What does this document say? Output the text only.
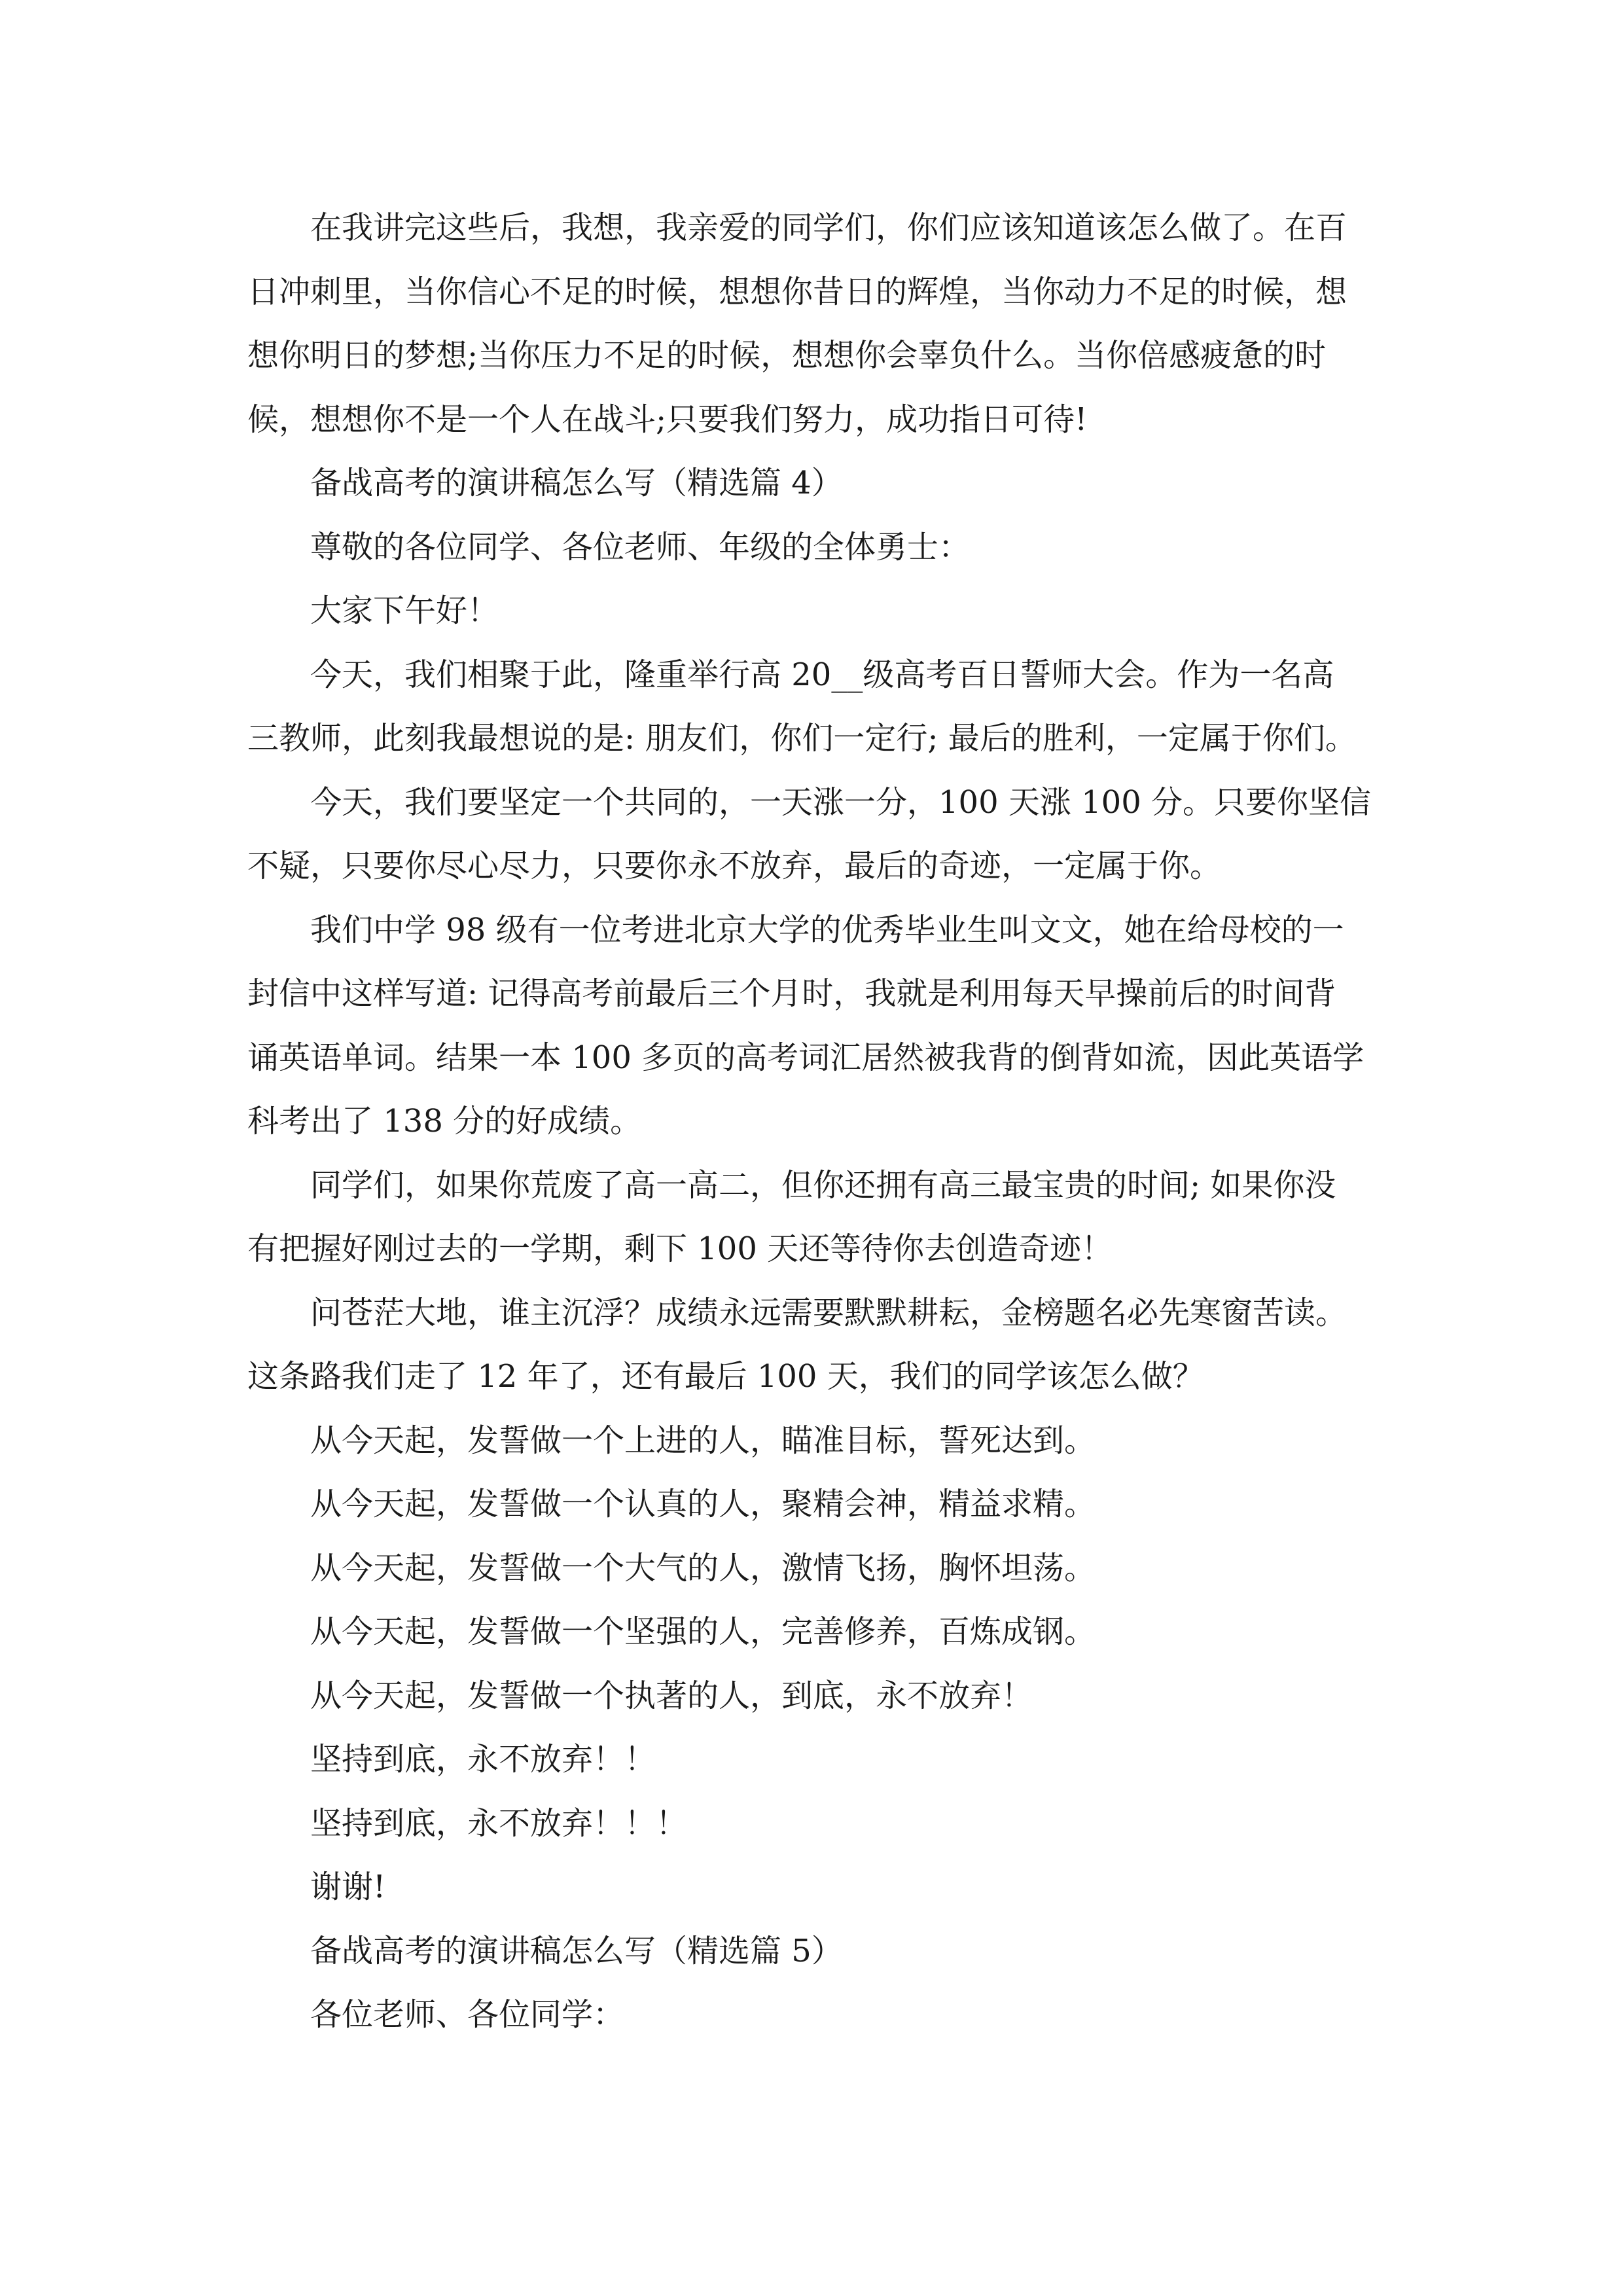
在我讲完这些后，我想，我亲爱的同学们，你们应该知道该怎么做了。在百
日冲刺里，当你信心不足的时候，想想你昔日的辉煌，当你动力不足的时候，想
想你明日的梦想;当你压力不足的时候，想想你会辜负什么。当你倍感疲惫的时
候，想想你不是一个人在战斗;只要我们努力，成功指日可待!
备战高考的演讲稿怎么写（精选篇 4）
尊敬的各位同学、各位老师、年级的全体勇士：
大家下午好！
今天，我们相聚于此，隆重举行高 20__级高考百日誓师大会。作为一名高
三教师，此刻我最想说的是: 朋友们，你们一定行; 最后的胜利，一定属于你们。
今天，我们要坚定一个共同的，一天涨一分，100 天涨 100 分。只要你坚信
不疑，只要你尽心尽力，只要你永不放弃，最后的奇迹，一定属于你。
我们中学 98 级有一位考进北京大学的优秀毕业生叫文文，她在给母校的一
封信中这样写道: 记得高考前最后三个月时，我就是利用每天早操前后的时间背
诵英语单词。结果一本 100 多页的高考词汇居然被我背的倒背如流，因此英语学
科考出了 138 分的好成绩。
同学们，如果你荒废了高一高二，但你还拥有高三最宝贵的时间; 如果你没
有把握好刚过去的一学期，剩下 100 天还等待你去创造奇迹！
问苍茫大地，谁主沉浮？成绩永远需要默默耕耘，金榜题名必先寒窗苦读。
这条路我们走了 12 年了，还有最后 100 天，我们的同学该怎么做？
从今天起，发誓做一个上进的人，瞄准目标，誓死达到。
从今天起，发誓做一个认真的人，聚精会神，精益求精。
从今天起，发誓做一个大气的人，激情飞扬，胸怀坦荡。
从今天起，发誓做一个坚强的人，完善修养，百炼成钢。
从今天起，发誓做一个执著的人，到底，永不放弃！
坚持到底，永不放弃！！
坚持到底，永不放弃！！！
谢谢!
备战高考的演讲稿怎么写（精选篇 5）
各位老师、各位同学：
